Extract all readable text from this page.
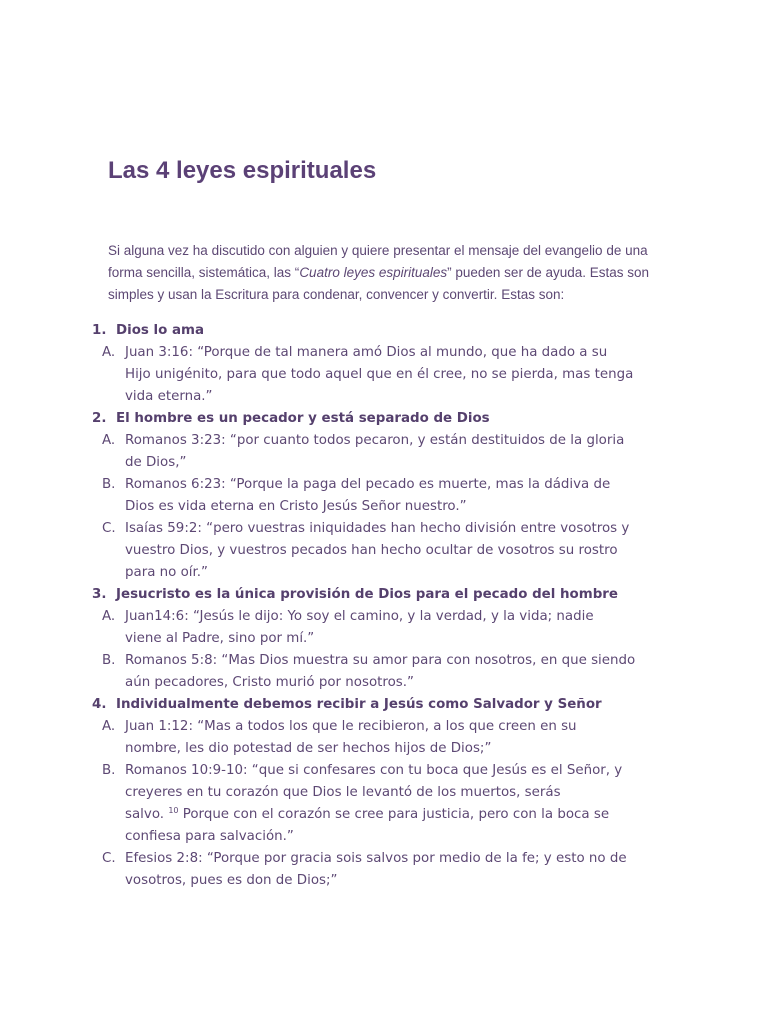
Las 4 leyes espirituales

Si alguna vez ha discutido con alguien y quiere presentar el mensaje del evangelio de una
forma sencilla, sistemática, las “Cuatro leyes espirituales” pueden ser de ayuda. Estas son
simples y usan la Escritura para condenar, convencer y convertir. Estas son:

1. Dios lo ama
A. Juan 3:16: “Porque de tal manera amó Dios al mundo, que ha dado a su
Hijo unigénito, para que todo aquel que en él cree, no se pierda, mas tenga
vida eterna.”
2. El hombre es un pecador y está separado de Dios
A. Romanos 3:23: “por cuanto todos pecaron, y están destituidos de la gloria
de Dios,”
B. Romanos 6:23: “Porque la paga del pecado es muerte, mas la dádiva de
Dios es vida eterna en Cristo Jesús Señor nuestro.”
C. Isaías 59:2: “pero vuestras iniquidades han hecho división entre vosotros y
vuestro Dios, y vuestros pecados han hecho ocultar de vosotros su rostro
para no oír.”
3. Jesucristo es la única provisión de Dios para el pecado del hombre
A. Juan14:6: “Jesús le dijo: Yo soy el camino, y la verdad, y la vida; nadie
viene al Padre, sino por mí.”
B. Romanos 5:8: “Mas Dios muestra su amor para con nosotros, en que siendo
aún pecadores, Cristo murió por nosotros.”
4. Individualmente debemos recibir a Jesús como Salvador y Señor
A. Juan 1:12: “Mas a todos los que le recibieron, a los que creen en su
nombre, les dio potestad de ser hechos hijos de Dios;”
B. Romanos 10:9-10: “que si confesares con tu boca que Jesús es el Señor, y
creyeres en tu corazón que Dios le levantó de los muertos, serás
salvo. $^{10}$ Porque con el corazón se cree para justicia, pero con la boca se
confiesa para salvación.”
C. Efesios 2:8: “Porque por gracia sois salvos por medio de la fe; y esto no de
vosotros, pues es don de Dios;”
